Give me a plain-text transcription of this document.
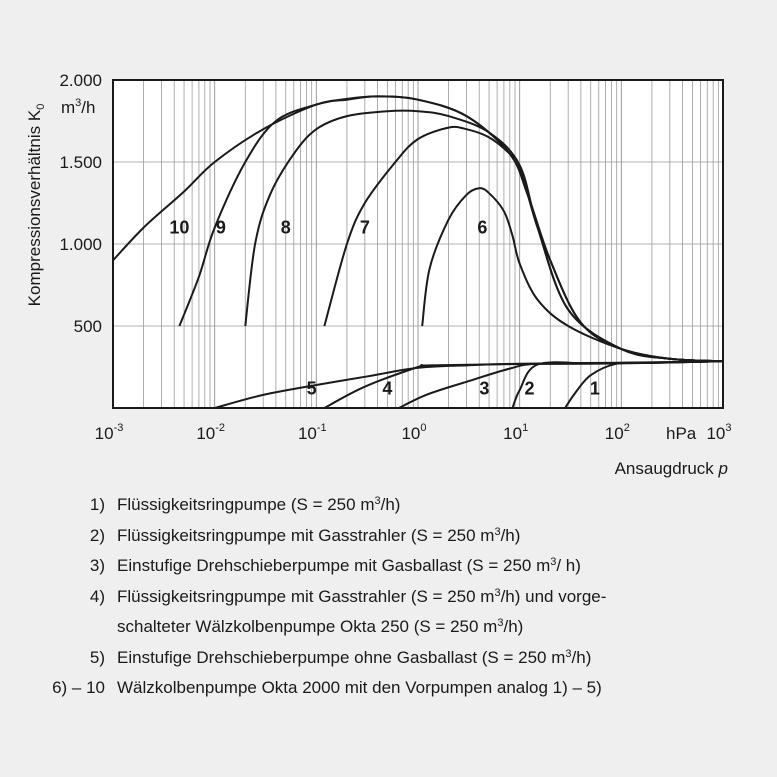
500
1.000
1.500
2.000
$10^{-3}$	$10^{-2}$	$10^{-1}$	$10^0$	$10^1$	$10^2$	$10^3$
1
2
3
4
5
6
7
8
9
10
$m^3/h$
hPa
Kompressionsverhältnis $K_0$
Ansaugdruck p
1) Flüssigkeitsringpumpe (S = 250 $m^3/h$)
2) Flüssigkeitsringpumpe mit Gasstrahler (S = 250 $m^3/h$)
3) Einstufige Drehschieberpumpe mit Gasballast (S = 250 $m^3/$ h)
4) Flüssigkeitsringpumpe mit Gasstrahler (S = 250 $m^3/h$) und vorge-
schalteter Wälzkolbenpumpe Okta 250 (S = 250 $m^3/h$)
5) Einstufige Drehschieberpumpe ohne Gasballast (S = 250 $m^3/h$)
6) – 10 Wälzkolbenpumpe Okta 2000 mit den Vorpumpen analog 1) – 5)
